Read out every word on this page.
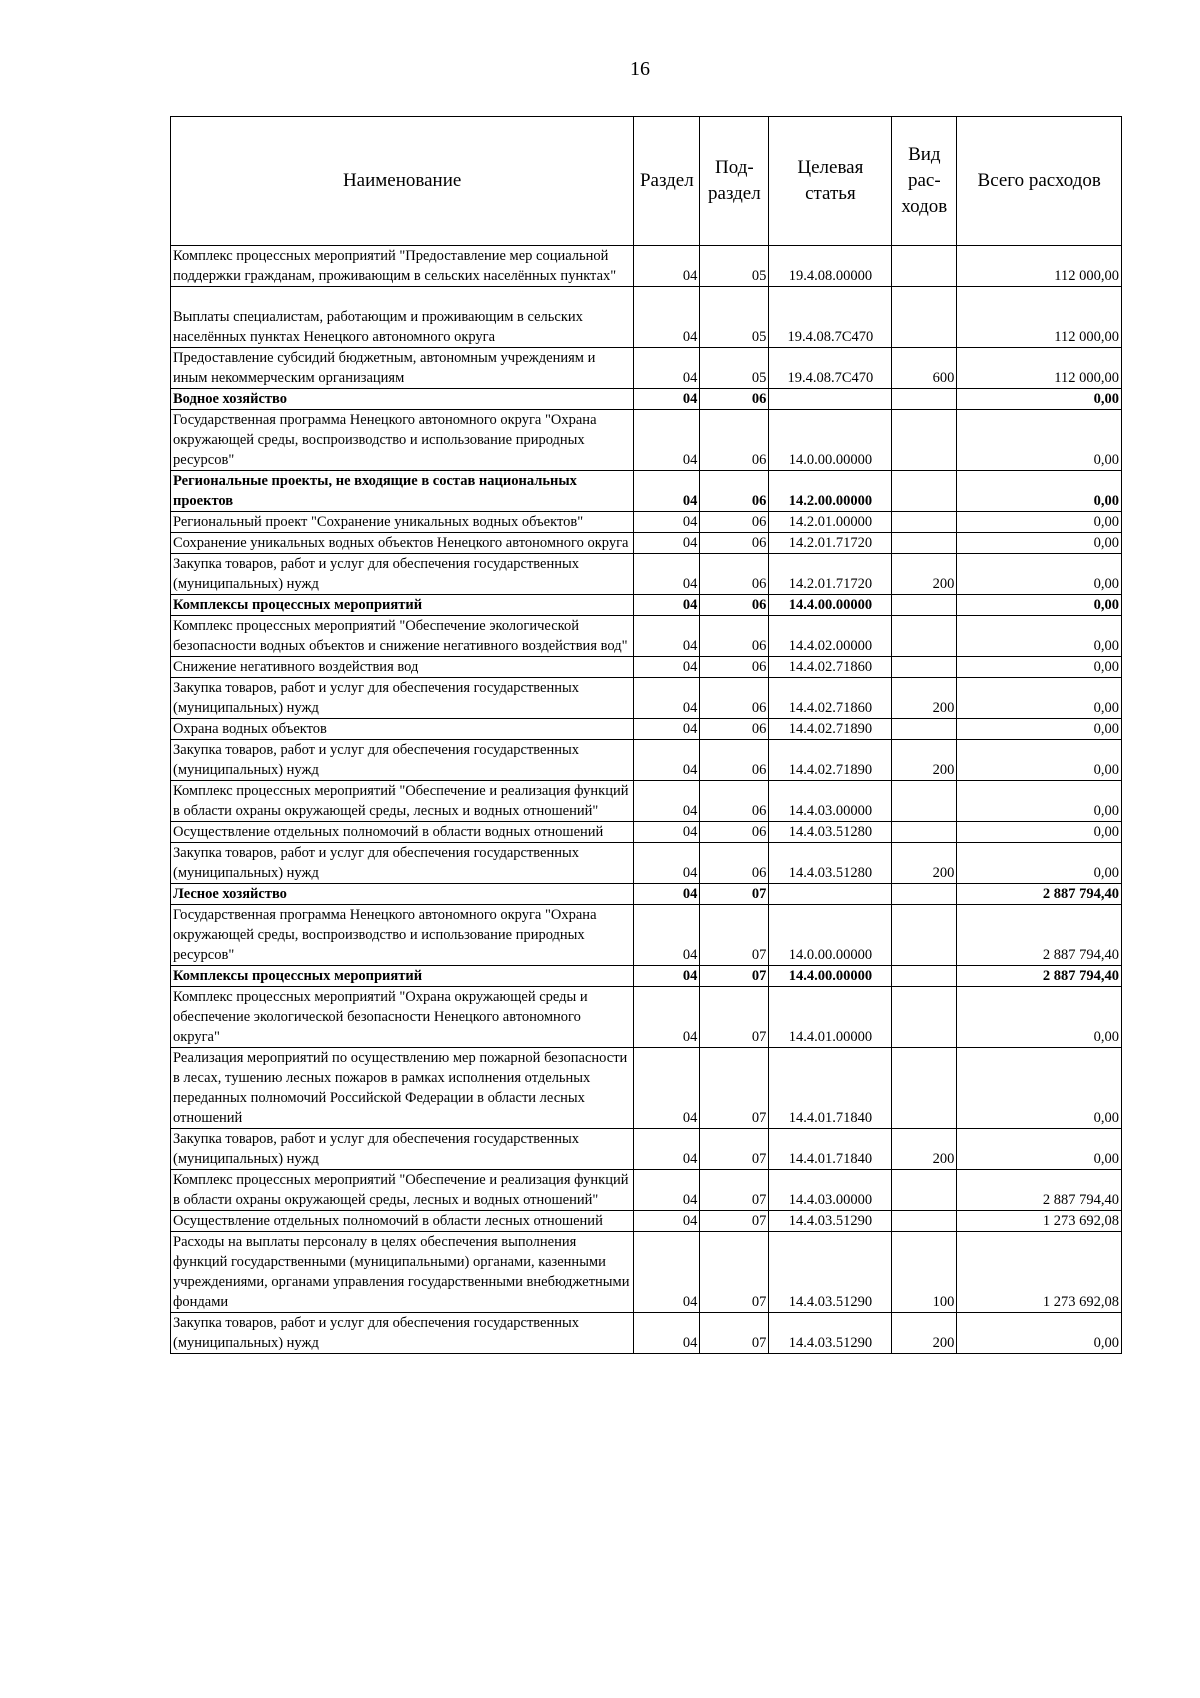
16
Наименование	Раздел	Под-раздел	Целевая статья	Вид рас-ходов	Всего расходов
Комплекс процессных мероприятий "Предоставление мер социальной поддержки гражданам, проживающим в сельских населённых пунктах"	04	05	19.4.08.00000		112 000,00
Выплаты специалистам, работающим и проживающим в сельских населённых пунктах Ненецкого автономного округа	04	05	19.4.08.7С470		112 000,00
Предоставление субсидий бюджетным, автономным учреждениям и иным некоммерческим организациям	04	05	19.4.08.7С470	600	112 000,00
Водное хозяйство	04	06			0,00
Государственная программа Ненецкого автономного округа "Охрана окружающей среды, воспроизводство и использование природных ресурсов"	04	06	14.0.00.00000		0,00
Региональные проекты, не входящие в состав национальных проектов	04	06	14.2.00.00000		0,00
Региональный проект "Сохранение уникальных водных объектов"	04	06	14.2.01.00000		0,00
Сохранение уникальных водных объектов Ненецкого автономного округа	04	06	14.2.01.71720		0,00
Закупка товаров, работ и услуг для обеспечения государственных (муниципальных) нужд	04	06	14.2.01.71720	200	0,00
Комплексы процессных мероприятий	04	06	14.4.00.00000		0,00
Комплекс процессных мероприятий "Обеспечение экологической безопасности водных объектов и снижение негативного воздействия вод"	04	06	14.4.02.00000		0,00
Снижение негативного воздействия вод	04	06	14.4.02.71860		0,00
Закупка товаров, работ и услуг для обеспечения государственных (муниципальных) нужд	04	06	14.4.02.71860	200	0,00
Охрана водных объектов	04	06	14.4.02.71890		0,00
Закупка товаров, работ и услуг для обеспечения государственных (муниципальных) нужд	04	06	14.4.02.71890	200	0,00
Комплекс процессных мероприятий "Обеспечение и реализация функций в области охраны окружающей среды, лесных и водных отношений"	04	06	14.4.03.00000		0,00
Осуществление отдельных полномочий в области водных отношений	04	06	14.4.03.51280		0,00
Закупка товаров, работ и услуг для обеспечения государственных (муниципальных) нужд	04	06	14.4.03.51280	200	0,00
Лесное хозяйство	04	07			2 887 794,40
Государственная программа Ненецкого автономного округа "Охрана окружающей среды, воспроизводство и использование природных ресурсов"	04	07	14.0.00.00000		2 887 794,40
Комплексы процессных мероприятий	04	07	14.4.00.00000		2 887 794,40
Комплекс процессных мероприятий "Охрана окружающей среды и обеспечение экологической безопасности Ненецкого автономного округа"	04	07	14.4.01.00000		0,00
Реализация мероприятий по осуществлению мер пожарной безопасности в лесах, тушению лесных пожаров в рамках исполнения отдельных переданных полномочий Российской Федерации в области лесных отношений	04	07	14.4.01.71840		0,00
Закупка товаров, работ и услуг для обеспечения государственных (муниципальных) нужд	04	07	14.4.01.71840	200	0,00
Комплекс процессных мероприятий "Обеспечение и реализация функций в области охраны окружающей среды, лесных и водных отношений"	04	07	14.4.03.00000		2 887 794,40
Осуществление отдельных полномочий в области лесных отношений	04	07	14.4.03.51290		1 273 692,08
Расходы на выплаты персоналу в целях обеспечения выполнения функций государственными (муниципальными) органами, казенными учреждениями, органами управления государственными внебюджетными фондами	04	07	14.4.03.51290	100	1 273 692,08
Закупка товаров, работ и услуг для обеспечения государственных (муниципальных) нужд	04	07	14.4.03.51290	200	0,00
